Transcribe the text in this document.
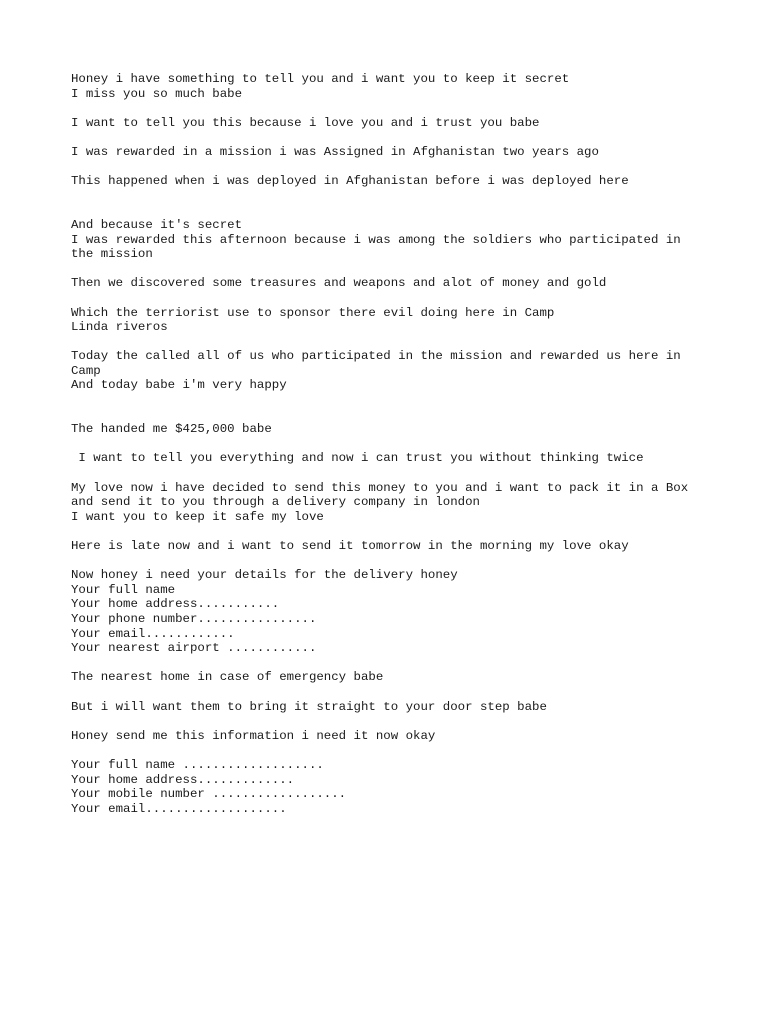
Honey i have something to tell you and i want you to keep it secret
I miss you so much babe
I want to tell you this because i love you and i trust you babe
I was rewarded in a mission i was Assigned in Afghanistan two years ago
This happened when i was deployed in Afghanistan before i was deployed here
And because it's secret
I was rewarded this afternoon because i was among the soldiers who participated in
the mission
Then we discovered some treasures and weapons and alot of money and gold
Which the terriorist use to sponsor there evil doing here in Camp
Linda riveros
Today the called all of us who participated in the mission and rewarded us here in
Camp
And today babe i'm very happy
The handed me $425,000 babe
I want to tell you everything and now i can trust you without thinking twice
My love now i have decided to send this money to you and i want to pack it in a Box
and send it to you through a delivery company in london
I want you to keep it safe my love
Here is late now and i want to send it tomorrow in the morning my love okay
Now honey i need your details for the delivery honey
Your full name
Your home address...........
Your phone number................
Your email............
Your nearest airport ............
The nearest home in case of emergency babe
But i will want them to bring it straight to your door step babe
Honey send me this information i need it now okay
Your full name ...................
Your home address.............
Your mobile number ..................
Your email...................
